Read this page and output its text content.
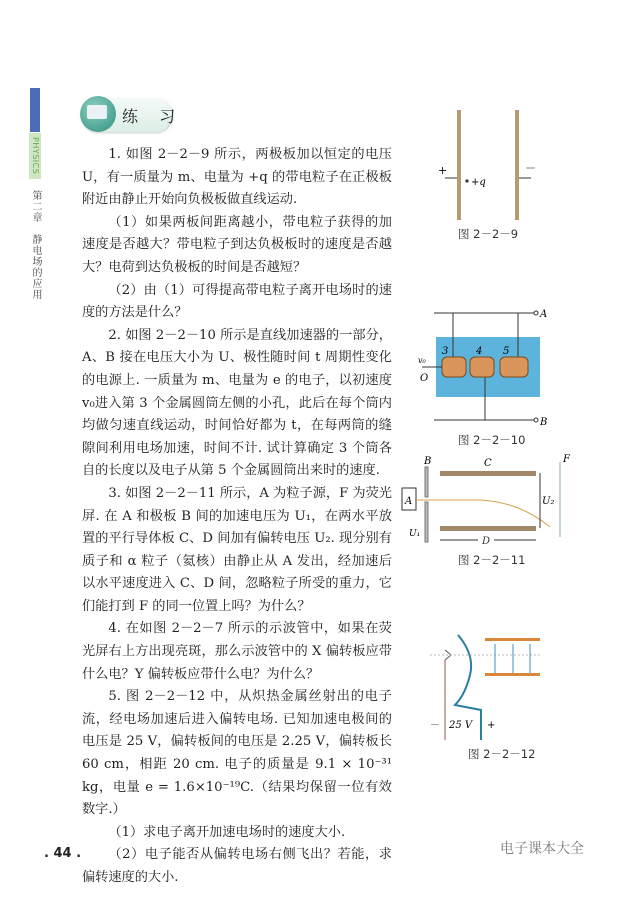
PHYSICS
第二章　静电场的应用
练 习

1. 如图 2－2－9 所示，两极板加以恒定的电压 U，有一质量为 m、电量为 +q 的带电粒子在正极板附近由静止开始向负极板做直线运动.

（1）如果两板间距离越小，带电粒子获得的加速度是否越大？带电粒子到达负极板时的速度是否越大？电荷到达负极板的时间是否越短？

（2）由（1）可得提高带电粒子离开电场时的速度的方法是什么？

2. 如图 2－2－10 所示是直线加速器的一部分，A、B 接在电压大小为 U、极性随时间 t 周期性变化的电源上. 一质量为 m、电量为 e 的电子，以初速度 v₀进入第 3 个金属圆筒左侧的小孔，此后在每个筒内均做匀速直线运动，时间恰好都为 t，在每两筒的缝隙间利用电场加速，时间不计. 试计算确定 3 个筒各自的长度以及电子从第 5 个金属圆筒出来时的速度.

3. 如图 2－2－11 所示，A 为粒子源，F 为荧光屏. 在 A 和极板 B 间的加速电压为 U₁，在两水平放置的平行导体板 C、D 间加有偏转电压 U₂. 现分别有质子和 α 粒子（氦核）由静止从 A 发出，经加速后以水平速度进入 C、D 间，忽略粒子所受的重力，它们能打到 F 的同一位置上吗？为什么？

4. 在如图 2－2－7 所示的示波管中，如果在荧光屏右上方出现亮斑，那么示波管中的 X 偏转板应带什么电？Y 偏转板应带什么电？为什么？

5. 图 2－2－12 中，从炽热金属丝射出的电子流，经电场加速后进入偏转电场. 已知加速电极间的电压是 25 V，偏转板间的电压是 2.25 V，偏转板长 60 cm，相距 20 cm. 电子的质量是 9.1 × 10⁻³¹ kg，电量 e = 1.6×10⁻¹⁹C.（结果均保留一位有效数字.）

（1）求电子离开加速电场时的速度大小.

（2）电子能否从偏转电场右侧飞出？若能，求偏转速度的大小.

+	－
+q
图 2－2－9
A
B
3	4 5
v₀
O
图 2－2－10
A
B	C
U₂
F
D
U₁
图 2－2－11
－ 25 V +
图 2－2－12
. 44 .	电子课本大全
